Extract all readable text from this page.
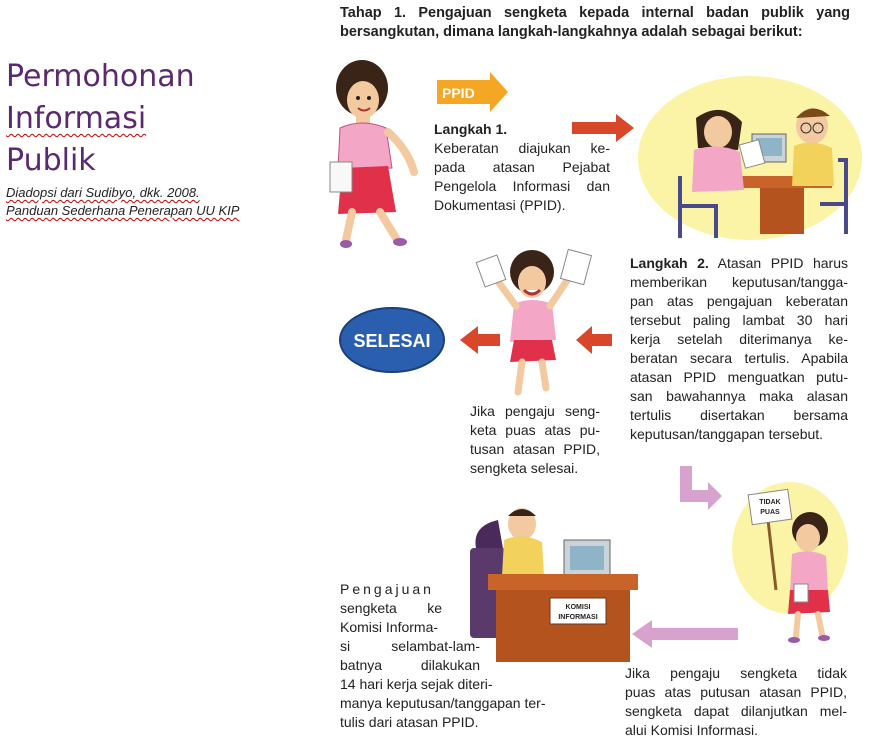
Permohonan
Informasi
Publik
Diadopsi dari Sudibyo, dkk. 2008.
Panduan Sederhana Penerapan UU KIP
Tahap 1. Pengajuan sengketa kepada internal badan publik yang
bersangkutan, dimana langkah-langkahnya adalah sebagai berikut:
PPID
SELESAI
TIDAK
PUAS
KOMISI
INFORMASI
Langkah 1.
Keberatan diajukan ke-
pada atasan Pejabat
Pengelola Informasi dan
Dokumentasi (PPID).
Langkah 2. Atasan PPID harus
memberikan keputusan/tangga-
pan atas pengajuan keberatan
tersebut paling lambat 30 hari
kerja setelah diterimanya ke-
beratan secara tertulis. Apabila
atasan PPID menguatkan putu-
san bawahannya maka alasan
tertulis disertakan bersama
keputusan/tanggapan tersebut.
Jika pengaju seng-
keta puas atas pu-
tusan atasan PPID,
sengketa selesai.
Pengajuan
sengketa ke
Komisi Informa-
si selambat-lam-
batnya dilakukan
14 hari kerja sejak diteri-
manya keputusan/tanggapan ter-
tulis dari atasan PPID.
Jika pengaju sengketa tidak
puas atas putusan atasan PPID,
sengketa dapat dilanjutkan mel-
alui Komisi Informasi.
